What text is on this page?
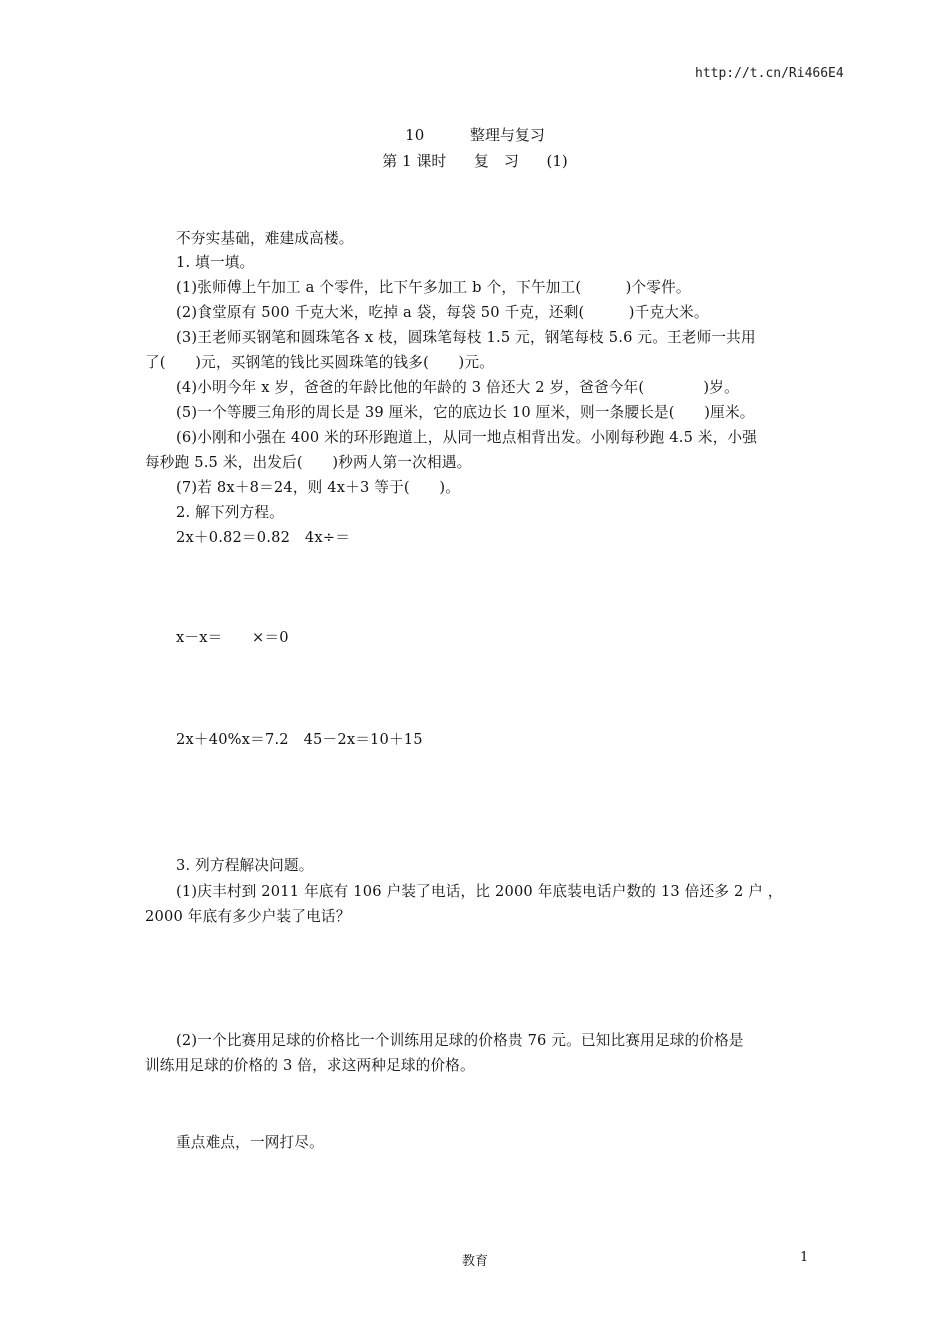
http://t.cn/Ri466E4
10	整理与复习
第 1 课时 复　习 (1)
不夯实基础，难建成高楼。
1. 填一填。
(1)张师傅上午加工 a 个零件，比下午多加工 b 个，下午加工(　　　)个零件。
(2)食堂原有 500 千克大米，吃掉 a 袋，每袋 50 千克，还剩(　　　)千克大米。
(3)王老师买钢笔和圆珠笔各 x 枝，圆珠笔每枝 1.5 元，钢笔每枝 5.6 元。王老师一共用
了(　　)元，买钢笔的钱比买圆珠笔的钱多(　　)元。
(4)小明今年 x 岁，爸爸的年龄比他的年龄的 3 倍还大 2 岁，爸爸今年(　　　　)岁。
(5)一个等腰三角形的周长是 39 厘米，它的底边长 10 厘米，则一条腰长是(　　)厘米。
(6)小刚和小强在 400 米的环形跑道上，从同一地点相背出发。小刚每秒跑 4.5 米，小强
每秒跑 5.5 米，出发后(　　)秒两人第一次相遇。
(7)若 8x＋8＝24，则 4x＋3 等于(　　)。
2. 解下列方程。
2x＋0.82＝0.82　4x÷＝
x－x＝　　×＝0
2x＋40%x＝7.2　45－2x＝10＋15
3. 列方程解决问题。
(1)庆丰村到 2011 年底有 106 户装了电话，比 2000 年底装电话户数的 13 倍还多 2 户 ，
2000 年底有多少户装了电话？
(2)一个比赛用足球的价格比一个训练用足球的价格贵 76 元。已知比赛用足球的价格是
训练用足球的价格的 3 倍，求这两种足球的价格。
重点难点，一网打尽。
教育	1
